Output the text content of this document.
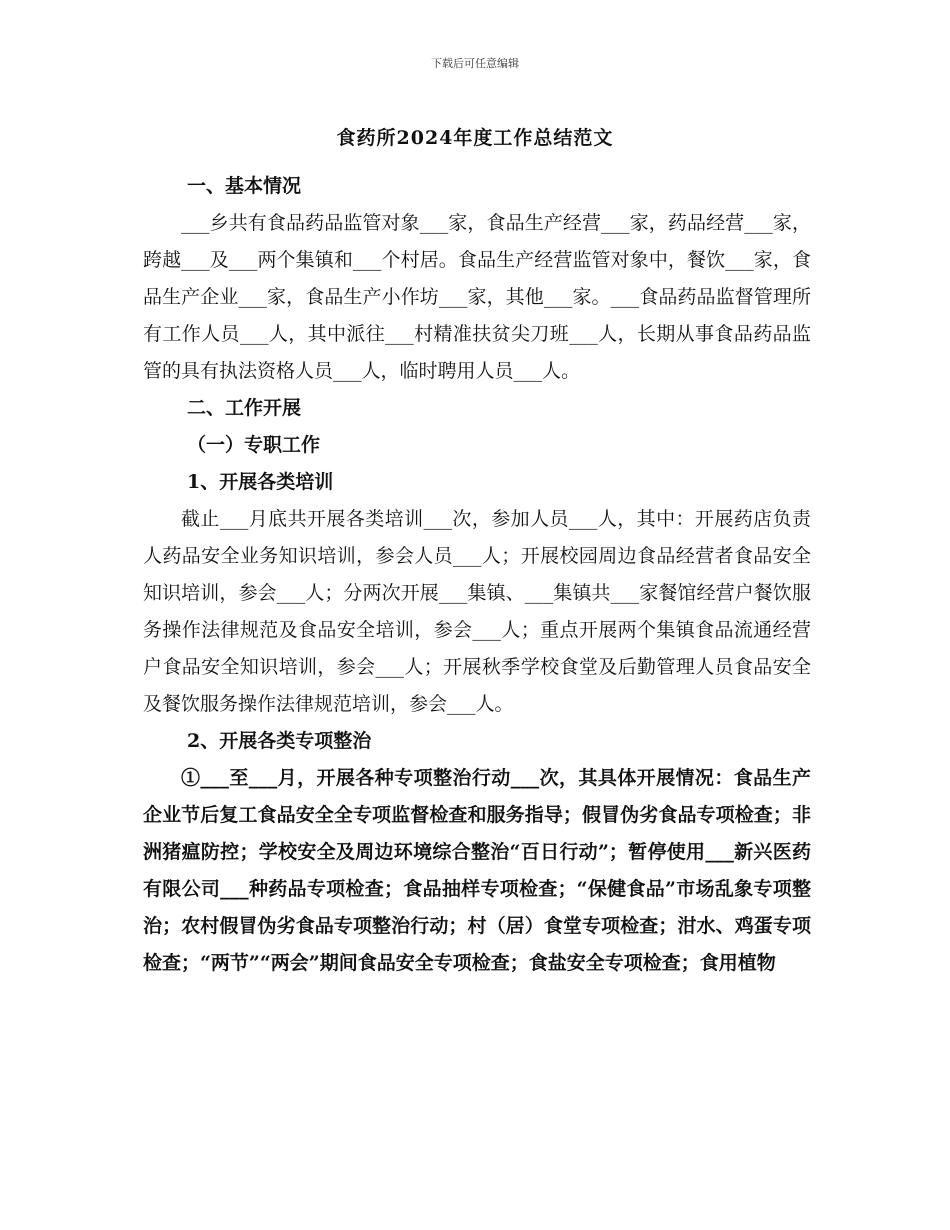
下载后可任意编辑
食药所2024年度工作总结范文

一、基本情况

___乡共有食品药品监管对象___家，食品生产经营___家，药品经营___家，跨越___及___两个集镇和___个村居。食品生产经营监管对象中，餐饮___家，食品生产企业___家，食品生产小作坊___家，其他___家。___食品药品监督管理所有工作人员___人，其中派往___村精准扶贫尖刀班___人，长期从事食品药品监管的具有执法资格人员___人，临时聘用人员___人。

二、工作开展

（一）专职工作

1、开展各类培训

截止___月底共开展各类培训___次，参加人员___人，其中：开展药店负责人药品安全业务知识培训，参会人员___人；开展校园周边食品经营者食品安全知识培训，参会___人；分两次开展___集镇、___集镇共___家餐馆经营户餐饮服务操作法律规范及食品安全培训，参会___人；重点开展两个集镇食品流通经营户食品安全知识培训，参会___人；开展秋季学校食堂及后勤管理人员食品安全及餐饮服务操作法律规范培训，参会___人。

2、开展各类专项整治

①___至___月，开展各种专项整治行动___次，其具体开展情况：食品生产企业节后复工食品安全全专项监督检查和服务指导；假冒伪劣食品专项检查；非洲猪瘟防控；学校安全及周边环境综合整治“百日行动”；暂停使用___新兴医药有限公司___种药品专项检查；食品抽样专项检查；“保健食品”市场乱象专项整治；农村假冒伪劣食品专项整治行动；村（居）食堂专项检查；泔水、鸡蛋专项检查；“两节”“两会”期间食品安全专项检查；食盐安全专项检查；食用植物
